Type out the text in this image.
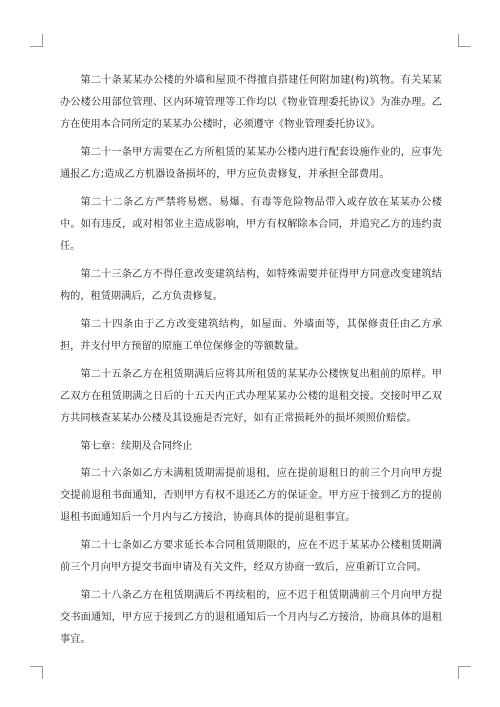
第二十条某某办公楼的外墙和屋顶不得擅自搭建任何附加建(构)筑物。有关某某办公楼公用部位管理、区内环境管理等工作均以《物业管理委托协议》为准办理。乙方在使用本合同所定的某某办公楼时，必须遵守《物业管理委托协议》。

第二十一条甲方需要在乙方所租赁的某某办公楼内进行配套设施作业的，应事先通报乙方;造成乙方机器设备损坏的，甲方应负责修复，并承担全部费用。

第二十二条乙方严禁将易燃、易爆、有毒等危险物品带入或存放在某某办公楼中。如有违反，或对相邻业主造成影响，甲方有权解除本合同，并追究乙方的违约责任。

第二十三条乙方不得任意改变建筑结构，如特殊需要并征得甲方同意改变建筑结构的，租赁期满后，乙方负责修复。

第二十四条由于乙方改变建筑结构，如屋面、外墙面等，其保修责任由乙方承担，并支付甲方预留的原施工单位保修金的等额数量。

第二十五条乙方在租赁期满后应将其所租赁的某某办公楼恢复出租前的原样。甲乙双方在租赁期满之日后的十五天内正式办理某某办公楼的退租交接。交接时甲乙双方共同核查某某办公楼及其设施是否完好，如有正常损耗外的损坏须照价赔偿。

第七章：续期及合同终止

第二十六条如乙方未满租赁期需提前退租，应在提前退租日的前三个月向甲方提交提前退租书面通知，否则甲方有权不退还乙方的保证金。甲方应于接到乙方的提前退租书面通知后一个月内与乙方接洽，协商具体的提前退租事宜。

第二十七条如乙方要求延长本合同租赁期限的，应在不迟于某某办公楼租赁期满前三个月向甲方提交书面申请及有关文件，经双方协商一致后，应重新订立合同。

第二十八条乙方在租赁期满后不再续租的，应不迟于租赁期满前三个月向甲方提交书面通知，甲方应于接到乙方的退租通知后一个月内与乙方接洽，协商具体的退租事宜。
